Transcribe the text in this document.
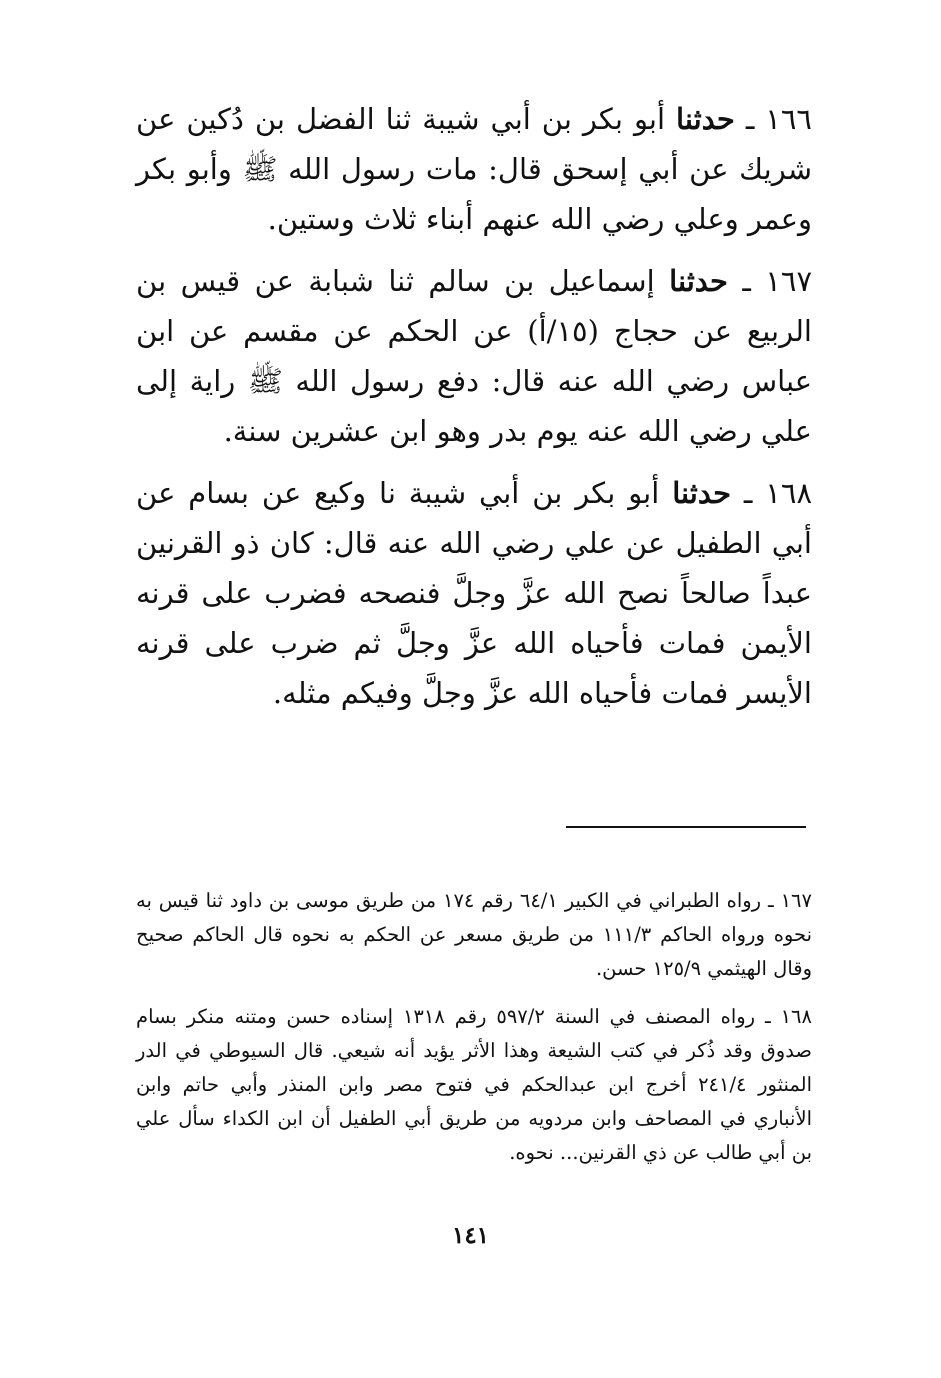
١٦٦ ـ حدثنا أبو بكر بن أبي شيبة ثنا الفضل بن دُكين عن شريك عن أبي إسحق قال: مات رسول الله ﷺ وأبو بكر وعمر وعلي رضي الله عنهم أبناء ثلاث وستين.

١٦٧ ـ حدثنا إسماعيل بن سالم ثنا شبابة عن قيس بن الربيع عن حجاج (١٥/أ) عن الحكم عن مقسم عن ابن عباس رضي الله عنه قال: دفع رسول الله ﷺ راية إلى علي رضي الله عنه يوم بدر وهو ابن عشرين سنة.

١٦٨ ـ حدثنا أبو بكر بن أبي شيبة نا وكيع عن بسام عن أبي الطفيل عن علي رضي الله عنه قال: كان ذو القرنين عبداً صالحاً نصح الله عزَّ وجلَّ فنصحه فضرب على قرنه الأيمن فمات فأحياه الله عزَّ وجلَّ ثم ضرب على قرنه الأيسر فمات فأحياه الله عزَّ وجلَّ وفيكم مثله.

١٦٧ ـ رواه الطبراني في الكبير ٦٤/١ رقم ١٧٤ من طريق موسى بن داود ثنا قيس به نحوه ورواه الحاكم ١١١/٣ من طريق مسعر عن الحكم به نحوه قال الحاكم صحيح وقال الهيثمي ١٢٥/٩ حسن.

١٦٨ ـ رواه المصنف في السنة ٥٩٧/٢ رقم ١٣١٨ إسناده حسن ومتنه منكر بسام صدوق وقد ذُكر في كتب الشيعة وهذا الأثر يؤيد أنه شيعي. قال السيوطي في الدر المنثور ٢٤١/٤ أخرج ابن عبدالحكم في فتوح مصر وابن المنذر وأبي حاتم وابن الأنباري في المصاحف وابن مردويه من طريق أبي الطفيل أن ابن الكداء سأل علي بن أبي طالب عن ذي القرنين... نحوه.

١٤١
